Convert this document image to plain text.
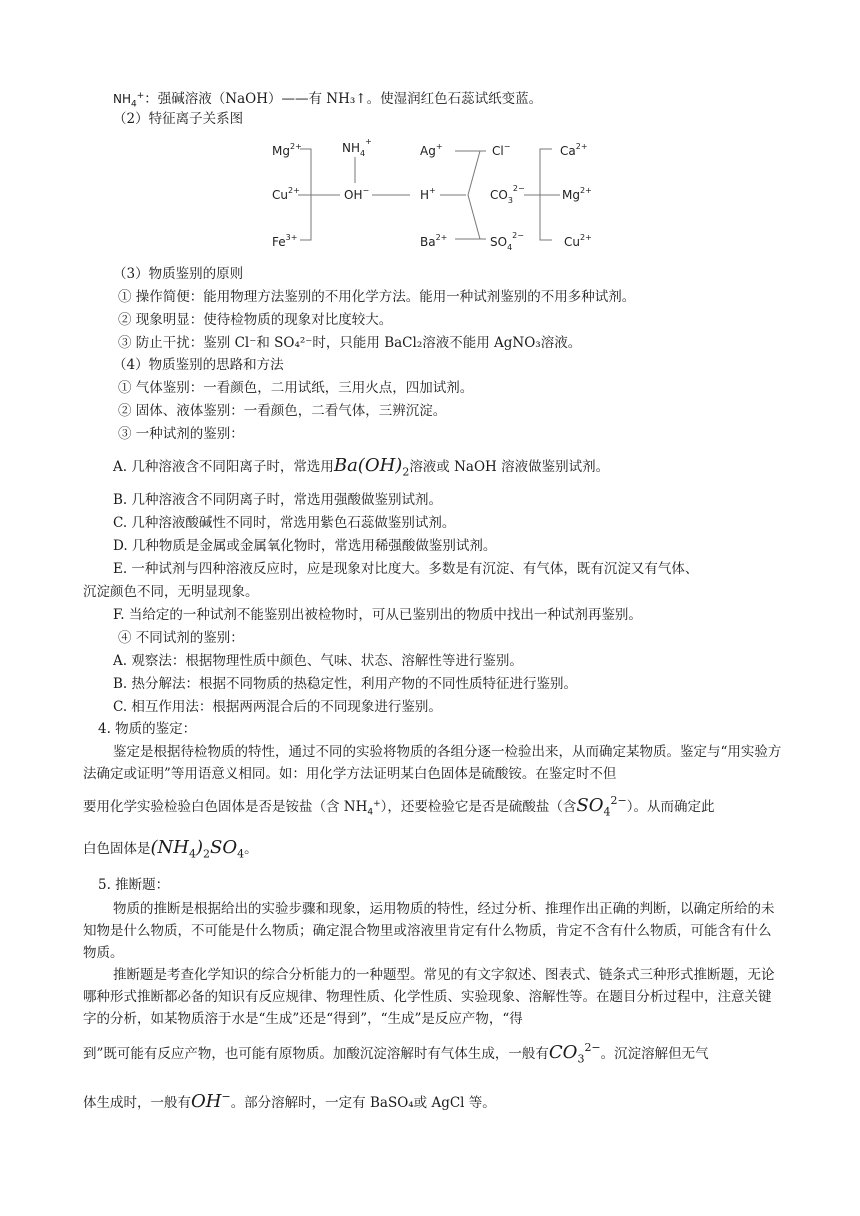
$NH_4^+$：强碱溶液（NaOH）——有 NH₃↑。使湿润红色石蕊试纸变蓝。
（2）特征离子关系图
$Mg^{2+}$
$Cu^{2+}$
$Fe^{3+}$
$NH_4^+$
OH−
Ag+
H+
$Ba^{2+}$
Cl−
$CO_3^{2-}$
$SO_4^{2-}$
$Ca^{2+}$
$Mg^{2+}$
$Cu^{2+}$
（3）物质鉴别的原则
① 操作简便：能用物理方法鉴别的不用化学方法。能用一种试剂鉴别的不用多种试剂。
② 现象明显：使待检物质的现象对比度较大。
③ 防止干扰：鉴别 Cl⁻和 SO₄²⁻时，只能用 BaCl₂溶液不能用 AgNO₃溶液。
（4）物质鉴别的思路和方法
① 气体鉴别：一看颜色，二用试纸，三用火点，四加试剂。
② 固体、液体鉴别：一看颜色，二看气体，三辨沉淀。
③ 一种试剂的鉴别：
A. 几种溶液含不同阳离子时，常选用$Ba(OH)_2$溶液或 NaOH 溶液做鉴别试剂。
B. 几种溶液含不同阴离子时，常选用强酸做鉴别试剂。
C. 几种溶液酸碱性不同时，常选用紫色石蕊做鉴别试剂。
D. 几种物质是金属或金属氧化物时，常选用稀强酸做鉴别试剂。
E. 一种试剂与四种溶液反应时，应是现象对比度大。多数是有沉淀、有气体，既有沉淀又有气体、
沉淀颜色不同，无明显现象。
F. 当给定的一种试剂不能鉴别出被检物时，可从已鉴别出的物质中找出一种试剂再鉴别。
④ 不同试剂的鉴别：
A. 观察法：根据物理性质中颜色、气味、状态、溶解性等进行鉴别。
B. 热分解法：根据不同物质的热稳定性，利用产物的不同性质特征进行鉴别。
C. 相互作用法：根据两两混合后的不同现象进行鉴别。
4. 物质的鉴定：
鉴定是根据待检物质的特性，通过不同的实验将物质的各组分逐一检验出来，从而确定某物质。鉴定与“用实验方法确定或证明”等用语意义相同。如：用化学方法证明某白色固体是硫酸铵。在鉴定时不但
要用化学实验检验白色固体是否是铵盐（含 $NH_4^+$），还要检验它是否是硫酸盐（含$SO_4^{2-}$）。从而确定此
白色固体是$(NH_4)_2SO_4$。
5. 推断题：
物质的推断是根据给出的实验步骤和现象，运用物质的特性，经过分析、推理作出正确的判断，以确定所给的未知物是什么物质，不可能是什么物质；确定混合物里或溶液里肯定有什么物质，肯定不含有什么物质，可能含有什么物质。
推断题是考查化学知识的综合分析能力的一种题型。常见的有文字叙述、图表式、链条式三种形式推断题，无论哪种形式推断都必备的知识有反应规律、物理性质、化学性质、实验现象、溶解性等。在题目分析过程中，注意关键字的分析，如某物质溶于水是“生成”还是“得到”，“生成”是反应产物，“得
到”既可能有反应产物，也可能有原物质。加酸沉淀溶解时有气体生成，一般有$CO_3^{2-}$。沉淀溶解但无气
体生成时，一般有OH−。部分溶解时，一定有 BaSO₄或 AgCl 等。
